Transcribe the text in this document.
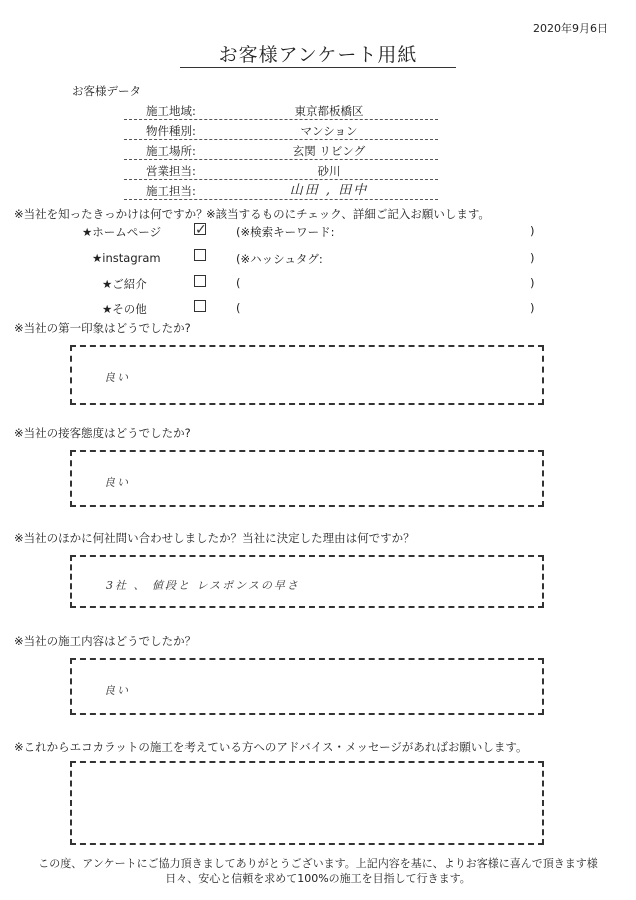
2020年9月6日
お客様アンケート用紙
お客様データ
施工地域:	東京都板橋区
物件種別:	マンション
施工場所:	玄関 リビング
営業担当:	砂川
施工担当:	山田 , 田中
※当社を知ったきっかけは何ですか？
※該当するものにチェック、詳細ご記入お願いします。
★ホームページ ✓	(※検索キーワード:	)
★instagram	(※ハッシュタグ:	)
★ご紹介	(	)
★その他	(	)
※当社の第一印象はどうでしたか?
良い
※当社の接客態度はどうでしたか?
良い
※当社のほかに何社問い合わせしましたか？当社に決定した理由は何ですか？
3社 、 値段と レスポンスの早さ
※当社の施工内容はどうでしたか？
良い
※これからエコカラットの施工を考えている方へのアドバイス・メッセージがあればお願いします。
この度、アンケートにご協力頂きましてありがとうございます。上記内容を基に、よりお客様に喜んで頂きます様
日々、安心と信頼を求めて100%の施工を目指して行きます。
